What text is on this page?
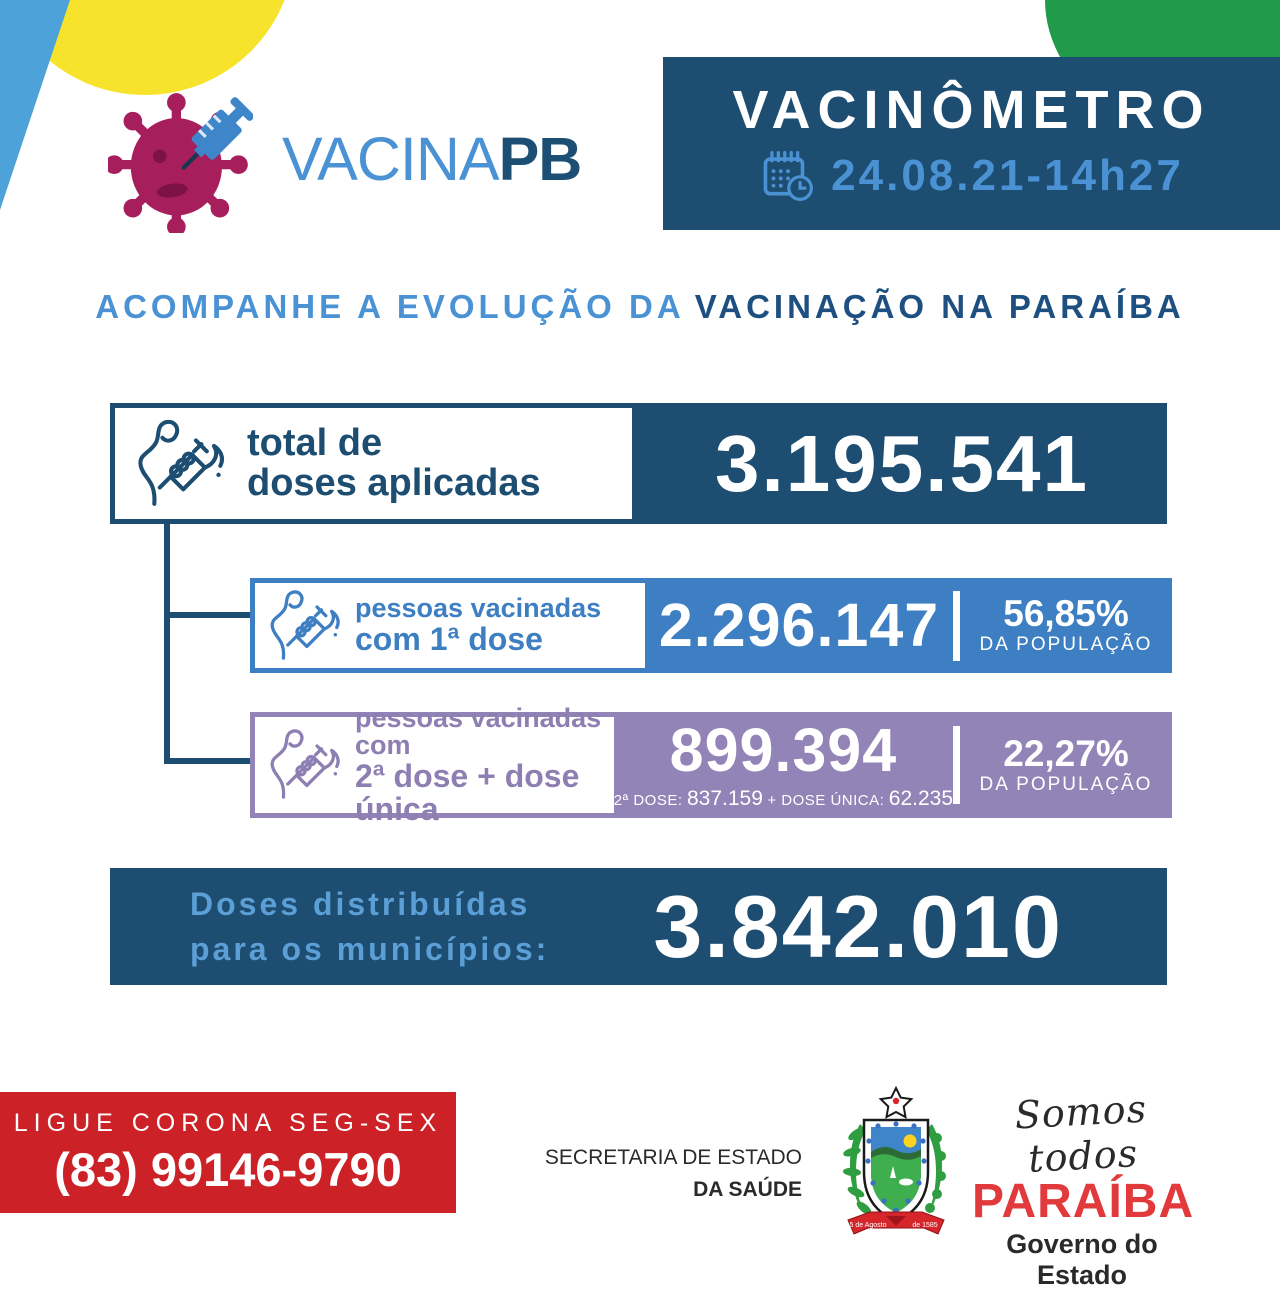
VACINAPB
VACINÔMETRO
24.08.21-14h27
ACOMPANHE A EVOLUÇÃO DA VACINAÇÃO NA PARAÍBA
total de
doses aplicadas	3.195.541
pessoas vacinadas
com 1ª dose	2.296.147	56,85%
DA POPULAÇÃO
pessoas vacinadas com
2ª dose + dose única
899.394
2ª DOSE: 837.159 + DOSE ÚNICA: 62.235
22,27%
DA POPULAÇÃO
Doses distribuídas
para os municípios:	3.842.010
LIGUE CORONA SEG-SEX
(83) 99146-9790	SECRETARIA DE ESTADO
DA SAÚDE
5 de Agosto	de 1585
Somos todos
PARAÍBA
Governo do Estado
